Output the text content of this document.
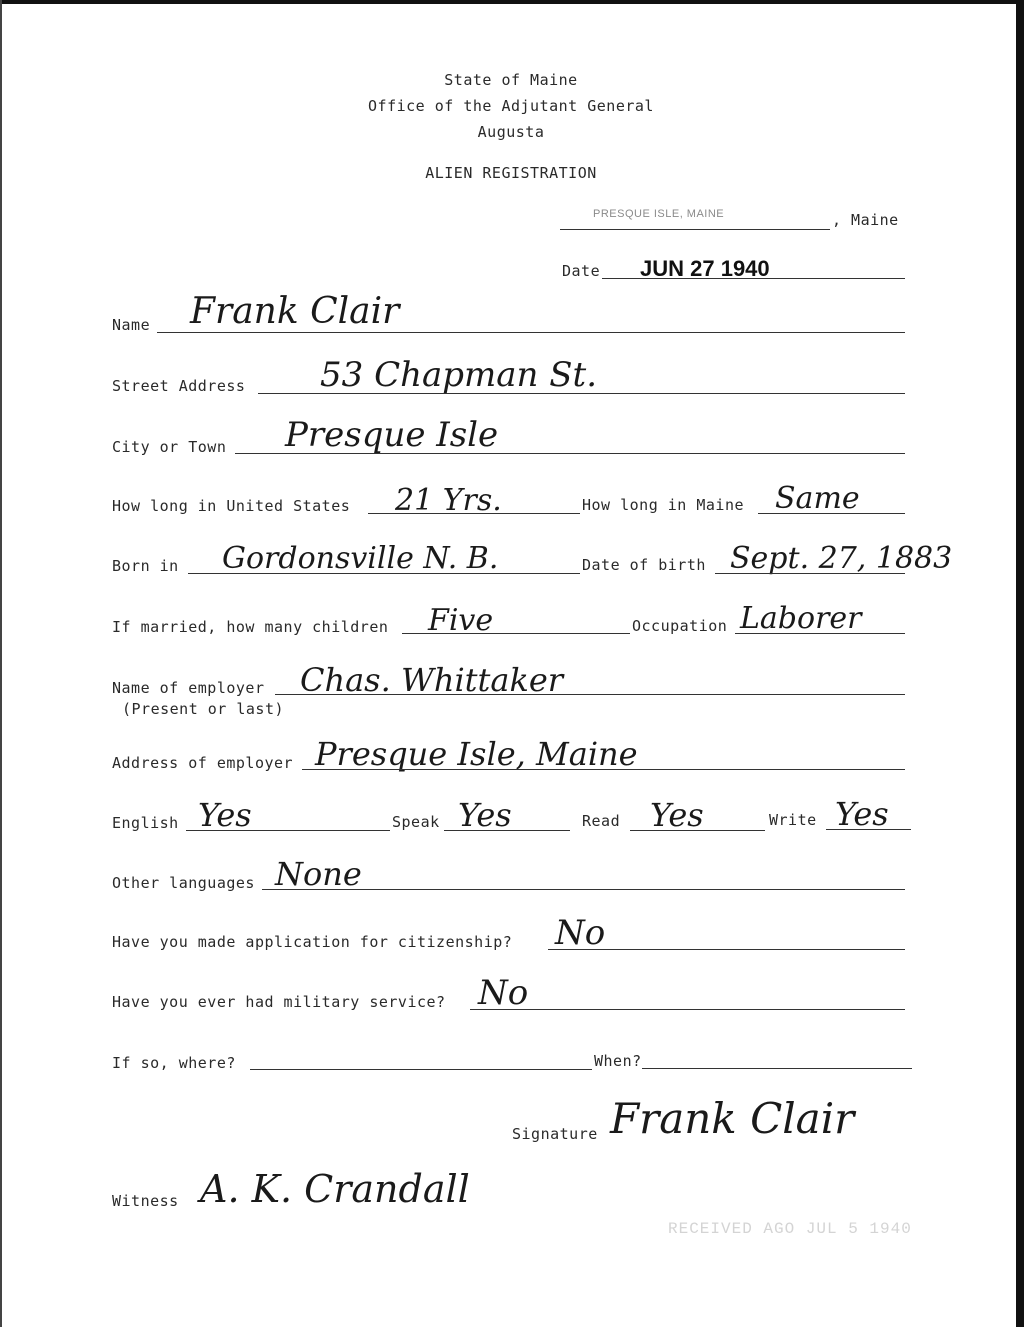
State of Maine
Office of the Adjutant General
Augusta
ALIEN REGISTRATION
PRESQUE ISLE, MAINE	, Maine
Date JUN 27 1940
Name Frank Clair
Street Address 53 Chapman St.
City or Town Presque Isle
How long in United States 21 Yrs.	How long in Maine Same
Born in Gordonsville N. B.	Date of birth Sept. 27, 1883
If married, how many children Five	Occupation Laborer
Name of employer
(Present or last)
Chas. Whittaker
Address of employer Presque Isle, Maine
English Yes	Speak Yes	Read Yes	Write Yes
Other languages None
Have you made application for citizenship? No
Have you ever had military service? No
If so, where?	When?
Signature Frank Clair
Witness A. K. Crandall
RECEIVED AGO JUL 5 1940
